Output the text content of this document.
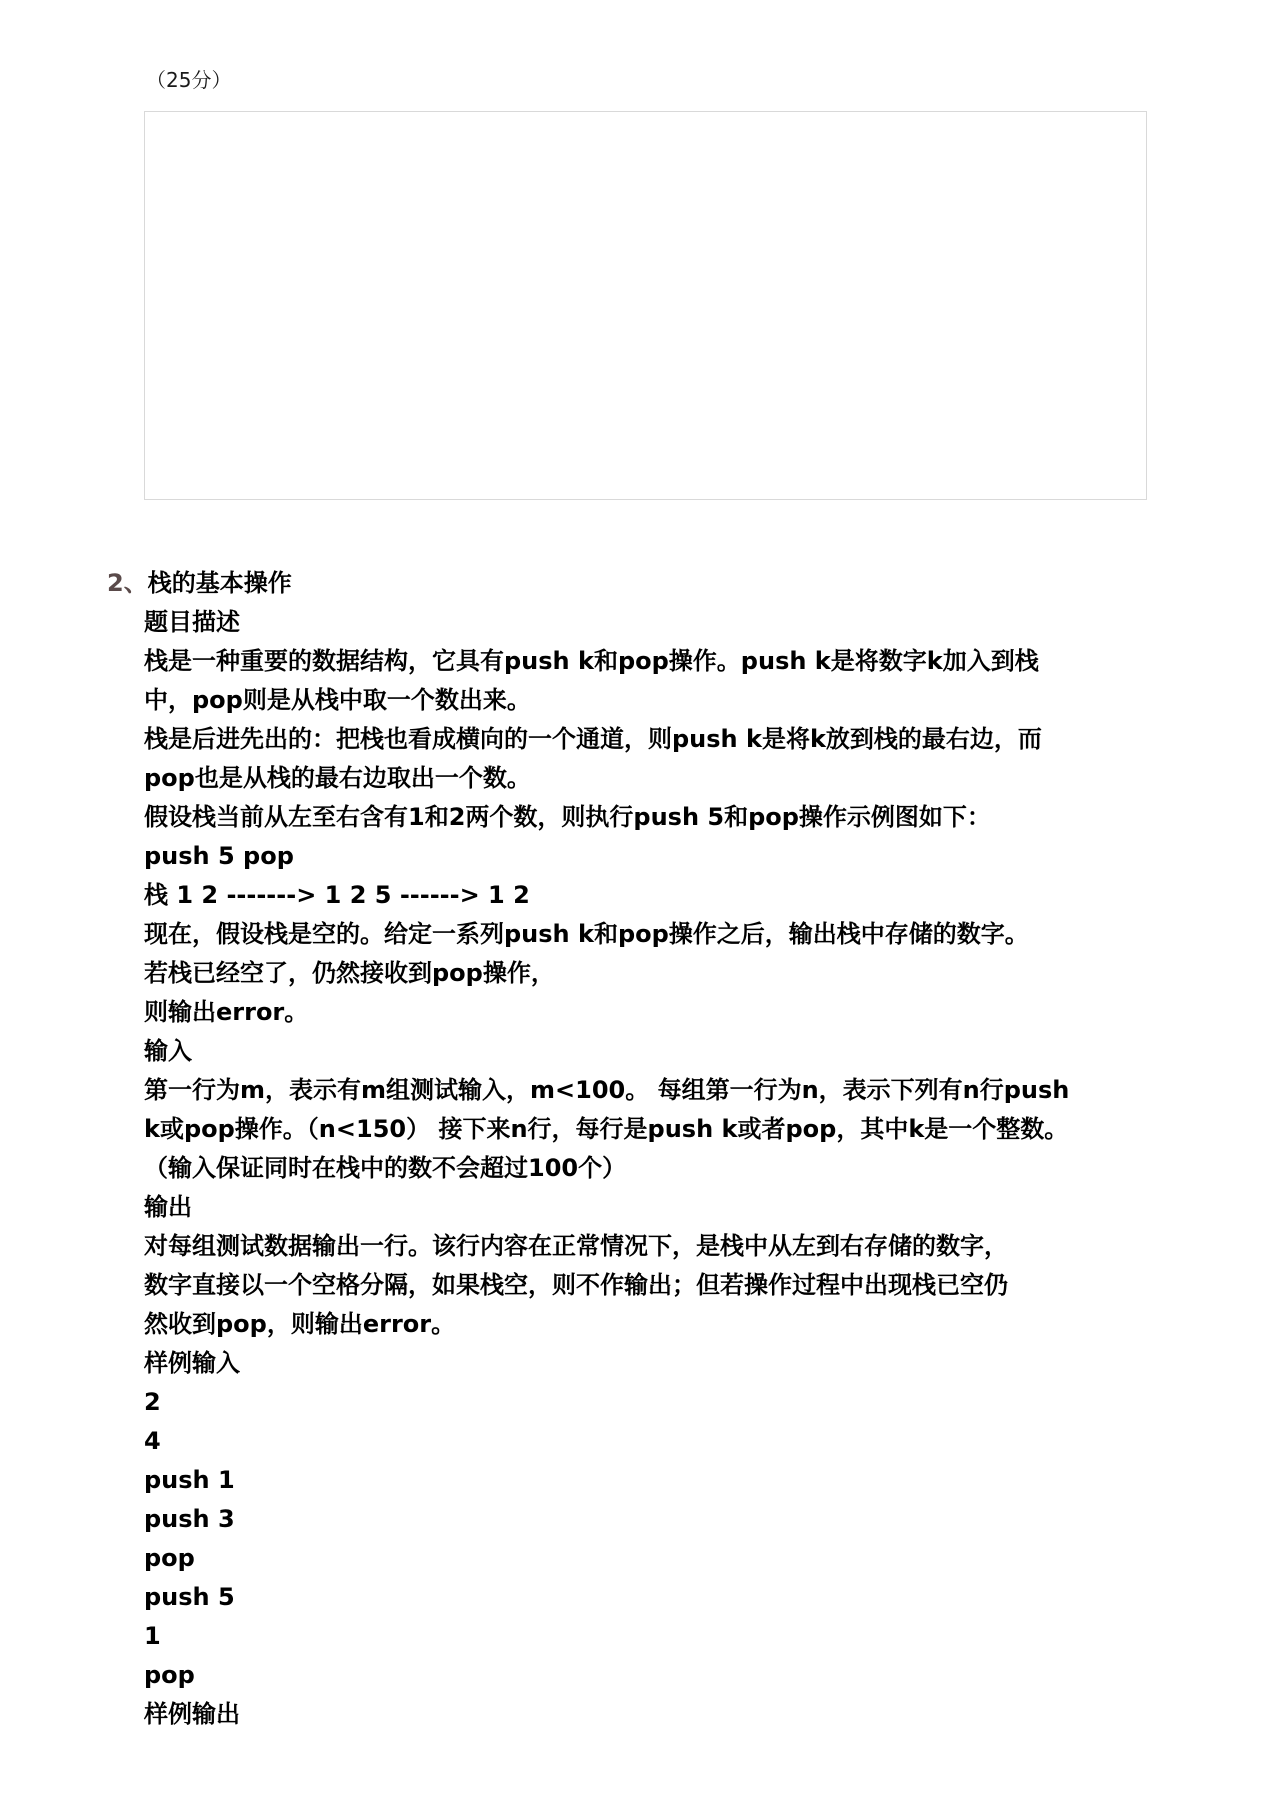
（25分）
2、栈的基本操作
题目描述
栈是一种重要的数据结构，它具有push k和pop操作。push k是将数字k加入到栈
中，pop则是从栈中取一个数出来。
栈是后进先出的：把栈也看成横向的一个通道，则push k是将k放到栈的最右边，而
pop也是从栈的最右边取出一个数。
假设栈当前从左至右含有1和2两个数，则执行push 5和pop操作示例图如下：
push 5 pop
栈 1 2 -------> 1 2 5 ------> 1 2
现在，假设栈是空的。给定一系列push k和pop操作之后，输出栈中存储的数字。
若栈已经空了，仍然接收到pop操作，
则输出error。
输入
第一行为m，表示有m组测试输入，m<100。 每组第一行为n，表示下列有n行push
k或pop操作。（n<150） 接下来n行，每行是push k或者pop，其中k是一个整数。
（输入保证同时在栈中的数不会超过100个）
输出
对每组测试数据输出一行。该行内容在正常情况下，是栈中从左到右存储的数字，
数字直接以一个空格分隔，如果栈空，则不作输出；但若操作过程中出现栈已空仍
然收到pop，则输出error。
样例输入
2
4
push 1
push 3
pop
push 5
1
pop
样例输出
